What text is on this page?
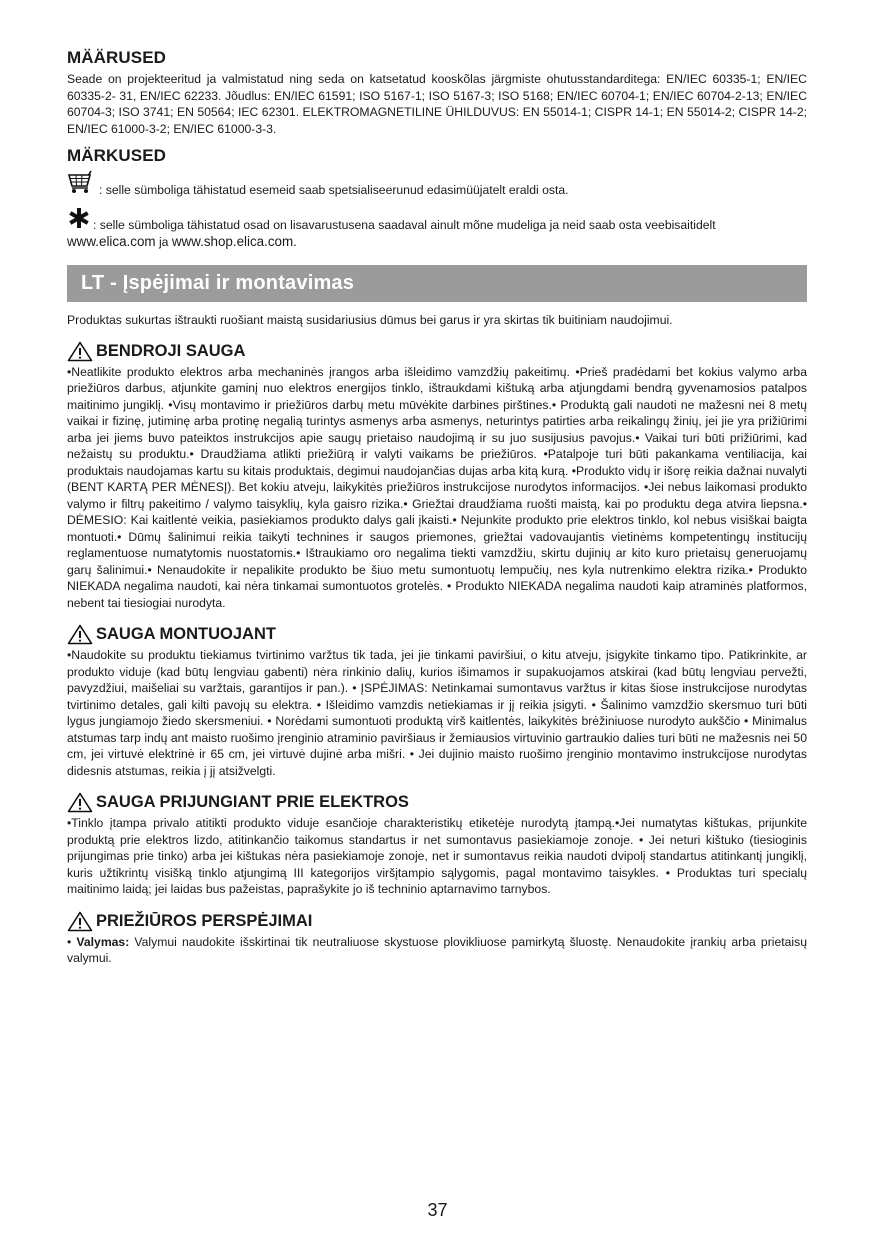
MÄÄRUSED

Seade on projekteeritud ja valmistatud ning seda on katsetatud kooskõlas järgmiste ohutusstandarditega: EN/IEC 60335-1; EN/IEC 60335-2- 31, EN/IEC 62233. Jõudlus: EN/IEC 61591; ISO 5167-1; ISO 5167-3; ISO 5168; EN/IEC 60704-1; EN/IEC 60704-2-13; EN/IEC 60704-3; ISO 3741; EN 50564; IEC 62301. ELEKTROMAGNETILINE ÜHILDUVUS: EN 55014-1; CISPR 14-1; EN 55014-2; CISPR 14-2; EN/IEC 61000-3-2; EN/IEC 61000-3-3.

MÄRKUSED
: selle sümboliga tähistatud esemeid saab spetsialiseerunud edasimüüjatelt eraldi osta.
: selle sümboliga tähistatud osad on lisavarustusena saadaval ainult mõne mudeliga ja neid saab osta veebisaitidelt
www.elica.com ja www.shop.elica.com.
LT - Įspėjimai ir montavimas

Produktas sukurtas ištraukti ruošiant maistą susidariusius dūmus bei garus ir yra skirtas tik buitiniam naudojimui.

BENDROJI SAUGA

•Neatlikite produkto elektros arba mechaninės įrangos arba išleidimo vamzdžių pakeitimų. •Prieš pradėdami bet kokius valymo arba priežiūros darbus, atjunkite gaminį nuo elektros energijos tinklo, ištraukdami kištuką arba atjungdami bendrą gyvenamosios patalpos maitinimo jungiklį. •Visų montavimo ir priežiūros darbų metu mūvėkite darbines pirštines.• Produktą gali naudoti ne mažesni nei 8 metų vaikai ir fizinę, jutiminę arba protinę negalią turintys asmenys arba asmenys, neturintys patirties arba reikalingų žinių, jei jie yra prižiūrimi arba jei jiems buvo pateiktos instrukcijos apie saugų prietaiso naudojimą ir su juo susijusius pavojus.• Vaikai turi būti prižiūrimi, kad nežaistų su produktu.• Draudžiama atlikti priežiūrą ir valyti vaikams be priežiūros. •Patalpoje turi būti pakankama ventiliacija, kai produktais naudojamas kartu su kitais produktais, degimui naudojančias dujas arba kitą kurą. •Produkto vidų ir išorę reikia dažnai nuvalyti (BENT KARTĄ PER MĖNESĮ). Bet kokiu atveju, laikykitės priežiūros instrukcijose nurodytos informacijos. •Jei nebus laikomasi produkto valymo ir filtrų pakeitimo / valymo taisyklių, kyla gaisro rizika.• Griežtai draudžiama ruošti maistą, kai po produktu dega atvira liepsna.• DĖMESIO: Kai kaitlentė veikia, pasiekiamos produkto dalys gali įkaisti.• Nejunkite produkto prie elektros tinklo, kol nebus visiškai baigta montuoti.• Dūmų šalinimui reikia taikyti technines ir saugos priemones, griežtai vadovaujantis vietinėms kompetentingų institucijų reglamentuose numatytomis nuostatomis.• Ištraukiamo oro negalima tiekti vamzdžiu, skirtu dujinių ar kito kuro prietaisų generuojamų garų šalinimui.• Nenaudokite ir nepalikite produkto be šiuo metu sumontuotų lempučių, nes kyla nutrenkimo elektra rizika.• Produkto NIEKADA negalima naudoti, kai nėra tinkamai sumontuotos grotelės. • Produkto NIEKADA negalima naudoti kaip atraminės platformos, nebent tai tiesiogiai nurodyta.

SAUGA MONTUOJANT

•Naudokite su produktu tiekiamus tvirtinimo varžtus tik tada, jei jie tinkami paviršiui, o kitu atveju, įsigykite tinkamo tipo. Patikrinkite, ar produkto viduje (kad būtų lengviau gabenti) nėra rinkinio dalių, kurios išimamos ir supakuojamos atskirai (kad būtų lengviau pervežti, pavyzdžiui, maišeliai su varžtais, garantijos ir pan.). • ĮSPĖJIMAS: Netinkamai sumontavus varžtus ir kitas šiose instrukcijose nurodytas tvirtinimo detales, gali kilti pavojų su elektra. • Išleidimo vamzdis netiekiamas ir jį reikia įsigyti. • Šalinimo vamzdžio skersmuo turi būti lygus jungiamojo žiedo skersmeniui. • Norėdami sumontuoti produktą virš kaitlentės, laikykitės brėžiniuose nurodyto aukščio • Minimalus atstumas tarp indų ant maisto ruošimo įrenginio atraminio paviršiaus ir žemiausios virtuvinio gartraukio dalies turi būti ne mažesnis nei 50 cm, jei virtuvė elektrinė ir 65 cm, jei virtuvė dujinė arba mišri. • Jei dujinio maisto ruošimo įrenginio montavimo instrukcijose nurodytas didesnis atstumas, reikia į jį atsižvelgti.

SAUGA PRIJUNGIANT PRIE ELEKTROS

•Tinklo įtampa privalo atitikti produkto viduje esančioje charakteristikų etiketėje nurodytą įtampą.•Jei numatytas kištukas, prijunkite produktą prie elektros lizdo, atitinkančio taikomus standartus ir net sumontavus pasiekiamoje zonoje. • Jei neturi kištuko (tiesioginis prijungimas prie tinko) arba jei kištukas nėra pasiekiamoje zonoje, net ir sumontavus reikia naudoti dvipolį standartus atitinkantį jungiklį, kuris užtikrintų visišką tinklo atjungimą III kategorijos viršįtampio sąlygomis, pagal montavimo taisykles. • Produktas turi specialų maitinimo laidą; jei laidas bus pažeistas, paprašykite jo iš techninio aptarnavimo tarnybos.

PRIEŽIŪROS PERSPĖJIMAI

• Valymas: Valymui naudokite išskirtinai tik neutraliuose skystuose plovikliuose pamirkytą šluostę. Nenaudokite įrankių arba prietaisų valymui.

37
